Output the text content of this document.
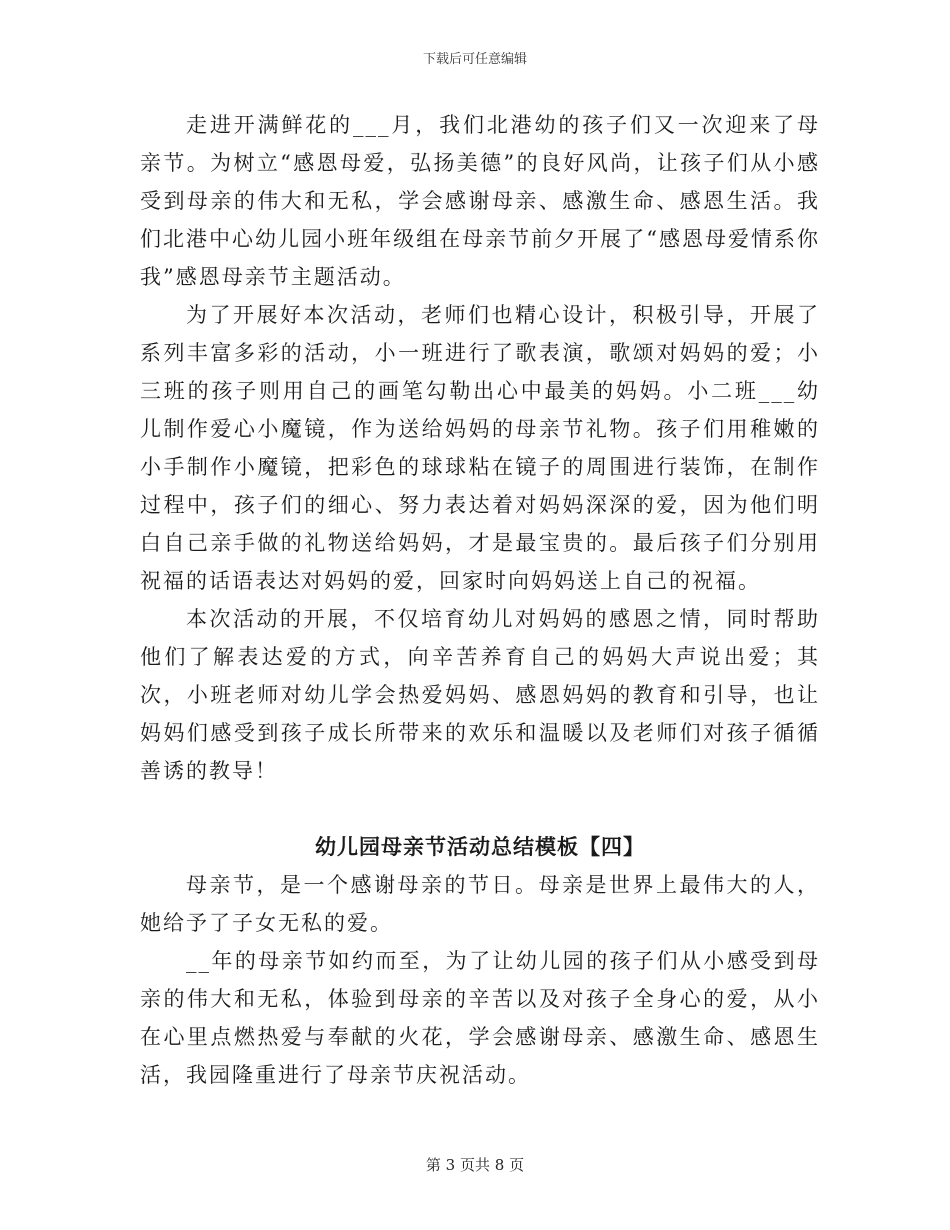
下载后可任意编辑

走进开满鲜花的___月，我们北港幼的孩子们又一次迎来了母亲节。为树立“感恩母爱，弘扬美德”的良好风尚，让孩子们从小感受到母亲的伟大和无私，学会感谢母亲、感激生命、感恩生活。我们北港中心幼儿园小班年级组在母亲节前夕开展了“感恩母爱情系你我”感恩母亲节主题活动。

为了开展好本次活动，老师们也精心设计，积极引导，开展了系列丰富多彩的活动，小一班进行了歌表演，歌颂对妈妈的爱；小三班的孩子则用自己的画笔勾勒出心中最美的妈妈。小二班___幼儿制作爱心小魔镜，作为送给妈妈的母亲节礼物。孩子们用稚嫩的小手制作小魔镜，把彩色的球球粘在镜子的周围进行装饰，在制作过程中，孩子们的细心、努力表达着对妈妈深深的爱，因为他们明白自己亲手做的礼物送给妈妈，才是最宝贵的。最后孩子们分别用祝福的话语表达对妈妈的爱，回家时向妈妈送上自己的祝福。

本次活动的开展，不仅培育幼儿对妈妈的感恩之情，同时帮助他们了解表达爱的方式，向辛苦养育自己的妈妈大声说出爱；其次，小班老师对幼儿学会热爱妈妈、感恩妈妈的教育和引导，也让妈妈们感受到孩子成长所带来的欢乐和温暖以及老师们对孩子循循善诱的教导！

幼儿园母亲节活动总结模板【四】

母亲节，是一个感谢母亲的节日。母亲是世界上最伟大的人，她给予了子女无私的爱。

__年的母亲节如约而至，为了让幼儿园的孩子们从小感受到母亲的伟大和无私，体验到母亲的辛苦以及对孩子全身心的爱，从小在心里点燃热爱与奉献的火花，学会感谢母亲、感激生命、感恩生活，我园隆重进行了母亲节庆祝活动。

第 3 页共 8 页
